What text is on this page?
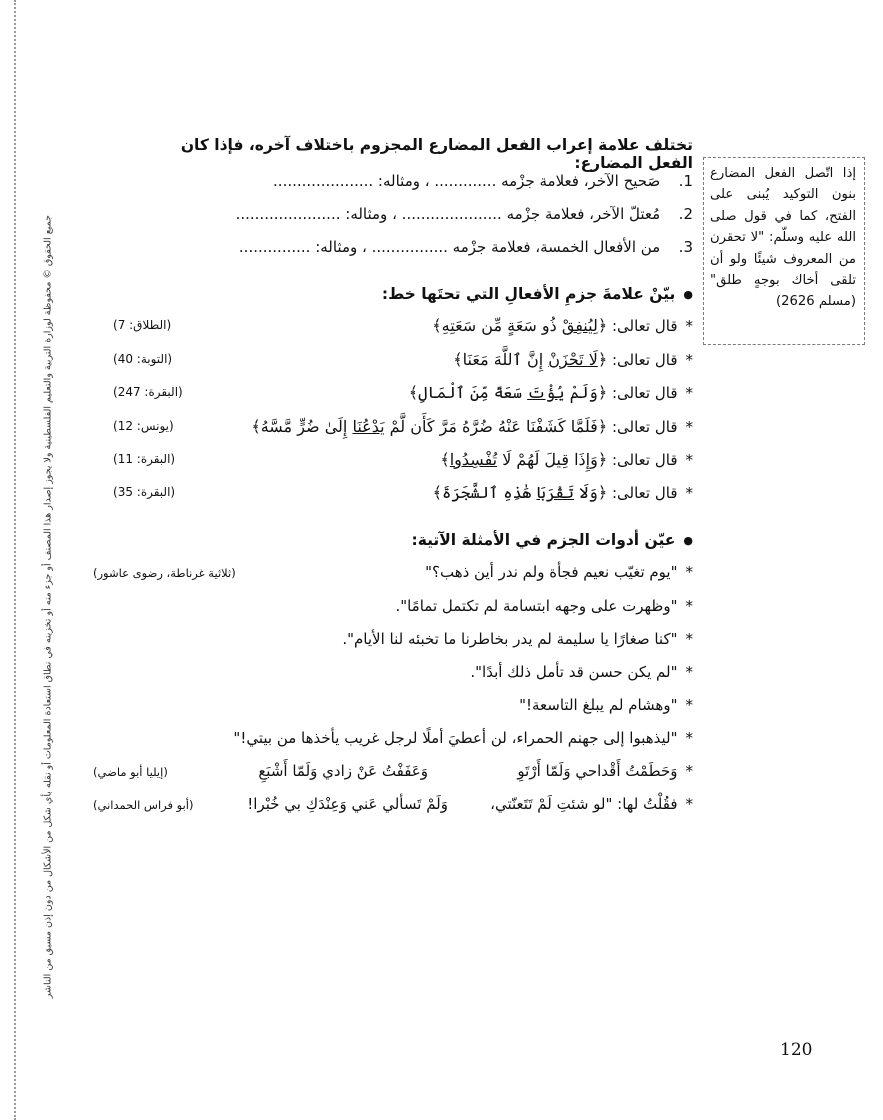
جميع الحقوق © محفوظة لوزارة التربية والتعليم الفلسطينية ولا يجوز إصدار هذا المصنف أو جزء منه أو تخزينه في نطاق استعادة المعلومات أو نقله بأي شكل من الأشكال من دون إذن مسبق من الناشر
تختلف علامة إعراب الفعل المضارع المجزوم باختلاف آخره، فإذا كان الفعل المضارع:
1. صَحيح الآخر، فعلامة جزْمه ............. ، ومثاله: .....................
2. مُعتلّ الآخر، فعلامة جزْمه ..................... ، ومثاله: ......................
3. من الأفعال الخمسة، فعلامة جزْمه ................ ، ومثاله: ...............
إذا اتّصل الفعل المضارع بنون التوكيد يُبنى على الفتح، كما في قول صلى الله عليه وسلّم: "لا تحقرن من المعروف شيئًا ولو أن تلقى أخاك بوجهٍ طلق" (مسلم 2626)
●بيّنْ علامةَ جزمِ الأفعالِ التي تحتَها خط:
*قال تعالى: ﴿لِيُنفِقْ ذُو سَعَةٍ مِّن سَعَتِهِ﴾
(الطلاق: 7)
*قال تعالى: ﴿لَا تَحْزَنْ إِنَّ ٱللَّهَ مَعَنَا﴾
(التوبة: 40)
*قال تعالى: ﴿وَلَمْ يُؤْتَ سَعَةً مِّنَ ٱلْمَالِ﴾
(البقرة: 247)
*قال تعالى: ﴿فَلَمَّا كَشَفْنَا عَنْهُ ضُرَّهُ مَرَّ كَأَن لَّمْ يَدْعُنَا إِلَىٰ ضُرٍّ مَّسَّهُ﴾
(يونس: 12)
*قال تعالى: ﴿وَإِذَا قِيلَ لَهُمْ لَا تُفْسِدُوا﴾
(البقرة: 11)
*قال تعالى: ﴿وَلَا تَقْرَبَا هَٰذِهِ ٱلشَّجَرَةَ﴾
(البقرة: 35)
●عيّن أدوات الجزم في الأمثلة الآتية:
*"يوم تغيّب نعيم فجأة ولم ندر أين ذهب؟"
(ثلاثية غرناطة، رضوى عاشور)
*"وظهرت على وجهه ابتسامة لم تكتمل تمامًا".
*"كنا صغارًا يا سليمة لم يدر بخاطرنا ما تخبئه لنا الأيام".
*"لم يكن حسن قد تأمل ذلك أبدًا".
*"وهشام لم يبلغ التاسعة!"
*"ليذهبوا إلى جهنم الحمراء، لن أعطيَ أملًا لرجل غريب يأخذها من بيتي!"
*وَحَطَمْتُ أَقْداحي وَلَمّا أَرْتَوِ
وَعَفَفْتُ عَنْ زادي وَلَمّا أَشْبَعِ
(إيليا أبو ماضي)
*فقُلْتُ لها: "لو شئتِ لَمْ تَتَعنّتي،
وَلَمْ تَسألي عَني وَعِنْدَكِ بي خُبْرا!
(أبو فراس الحمداني)
120
